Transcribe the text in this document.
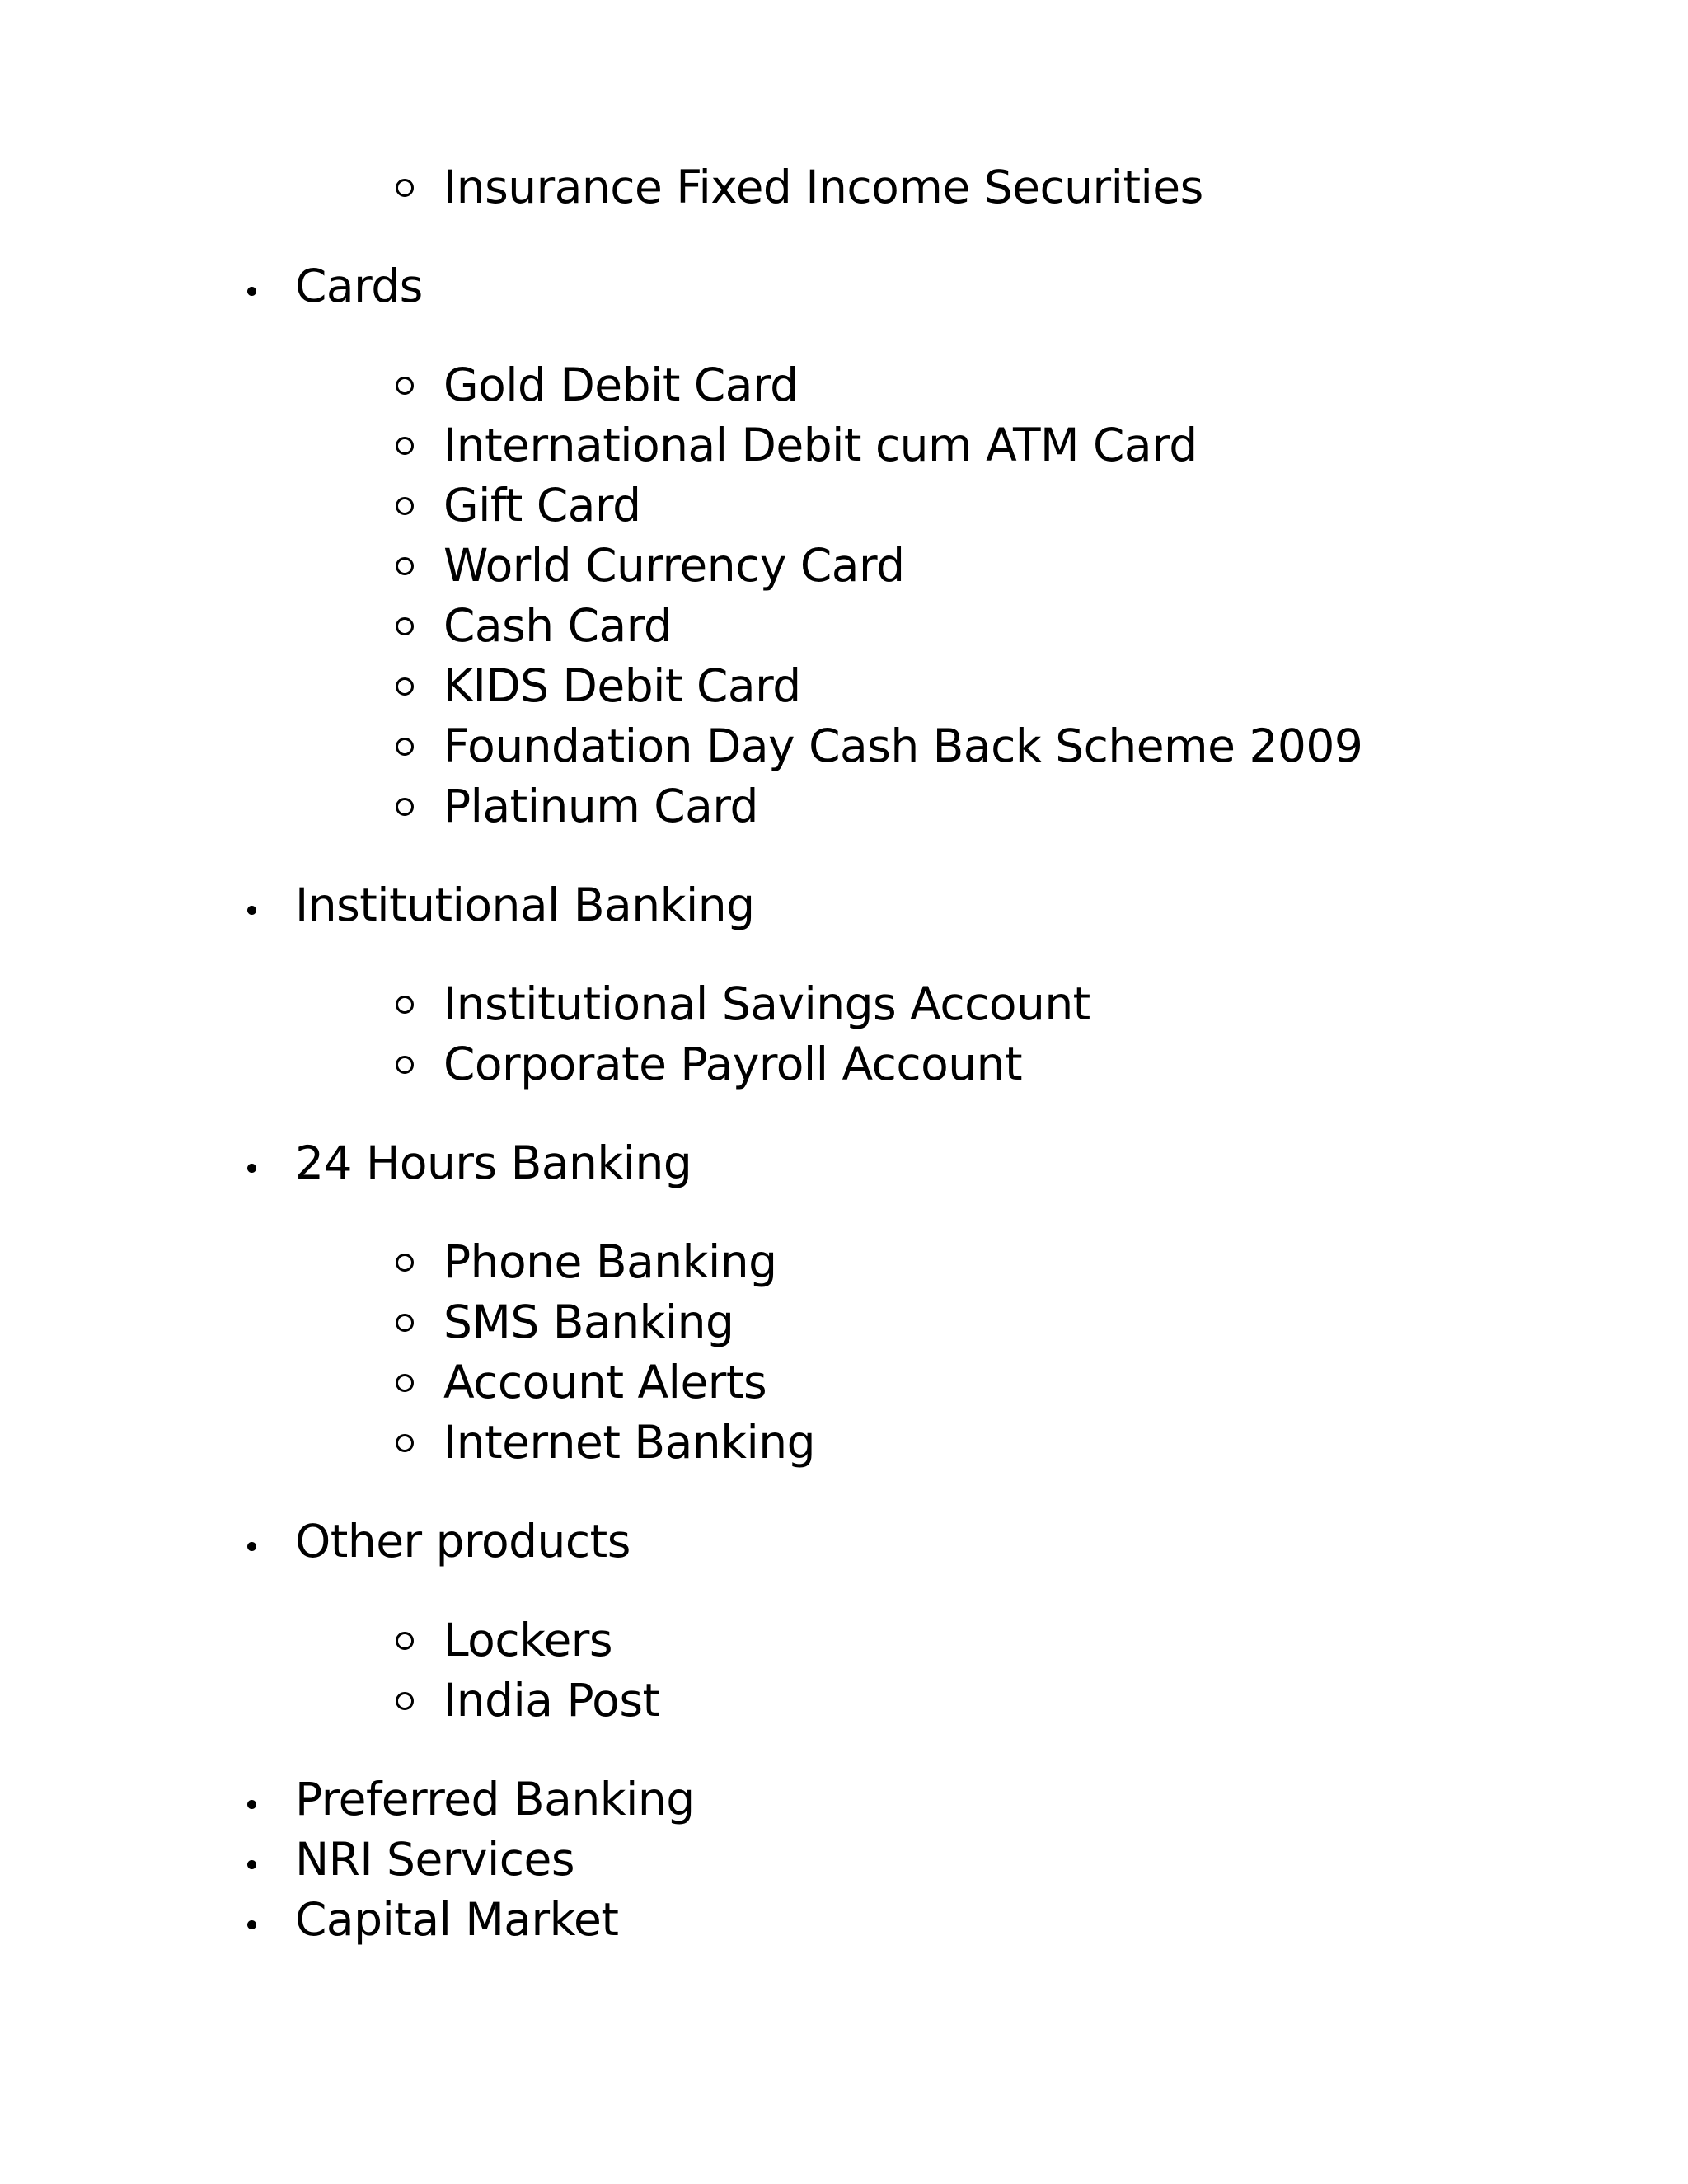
Insurance Fixed Income Securities
Cards
Gold Debit Card
International Debit cum ATM Card
Gift Card
World Currency Card
Cash Card
KIDS Debit Card
Foundation Day Cash Back Scheme 2009
Platinum Card
Institutional Banking
Institutional Savings Account
Corporate Payroll Account
24 Hours Banking
Phone Banking
SMS Banking
Account Alerts
Internet Banking
Other products
Lockers
India Post
Preferred Banking
NRI Services
Capital Market
